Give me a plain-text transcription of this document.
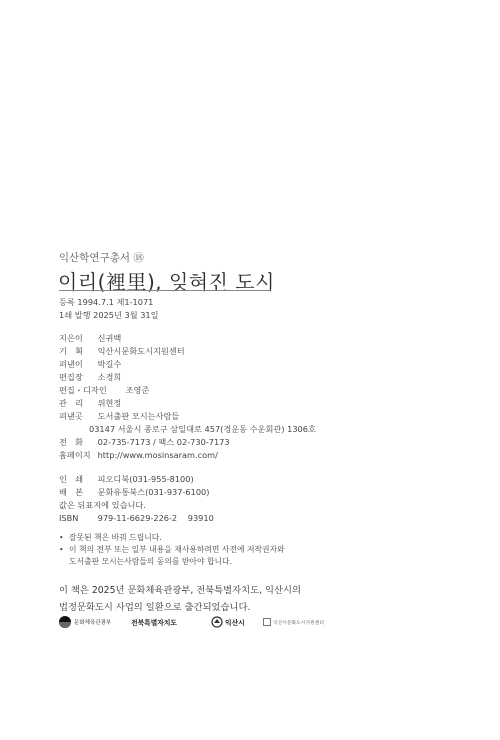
익산학연구총서 ⑱
이리(裡里), 잊혀진 도시
등록 1994.7.1 제1-1071
1쇄 발행 2025년 3월 31일
지은이 신귀백
기　획 익산시문화도시지원센터
펴낸이 박길수
편집장 소경희
편집・디자인 조영준
관　리 위현정
펴낸곳 도서출판 모시는사람들
03147 서울시 종로구 삼일대로 457(경운동 수운회관) 1306호
전　화 02-735-7173 / 팩스 02-730-7173
홈페이지 http://www.mosinsaram.com/
인　쇄 피오디북(031-955-8100)
배　본 문화유통북스(031-937-6100)
값은 뒤표지에 있습니다.
ISBN 979-11-6629-226-2 93910
• 잘못된 책은 바꿔 드립니다.
• 이 책의 전부 또는 일부 내용을 재사용하려면 사전에 저작권자와
도서출판 모시는사람들의 동의를 받아야 합니다.
이 책은 2025년 문화체육관광부, 전북특별자치도, 익산시의
법정문화도시 사업의 일환으로 출간되었습니다.
문화체육관광부	전북특별자치도	익산시	익산시문화도시지원센터
